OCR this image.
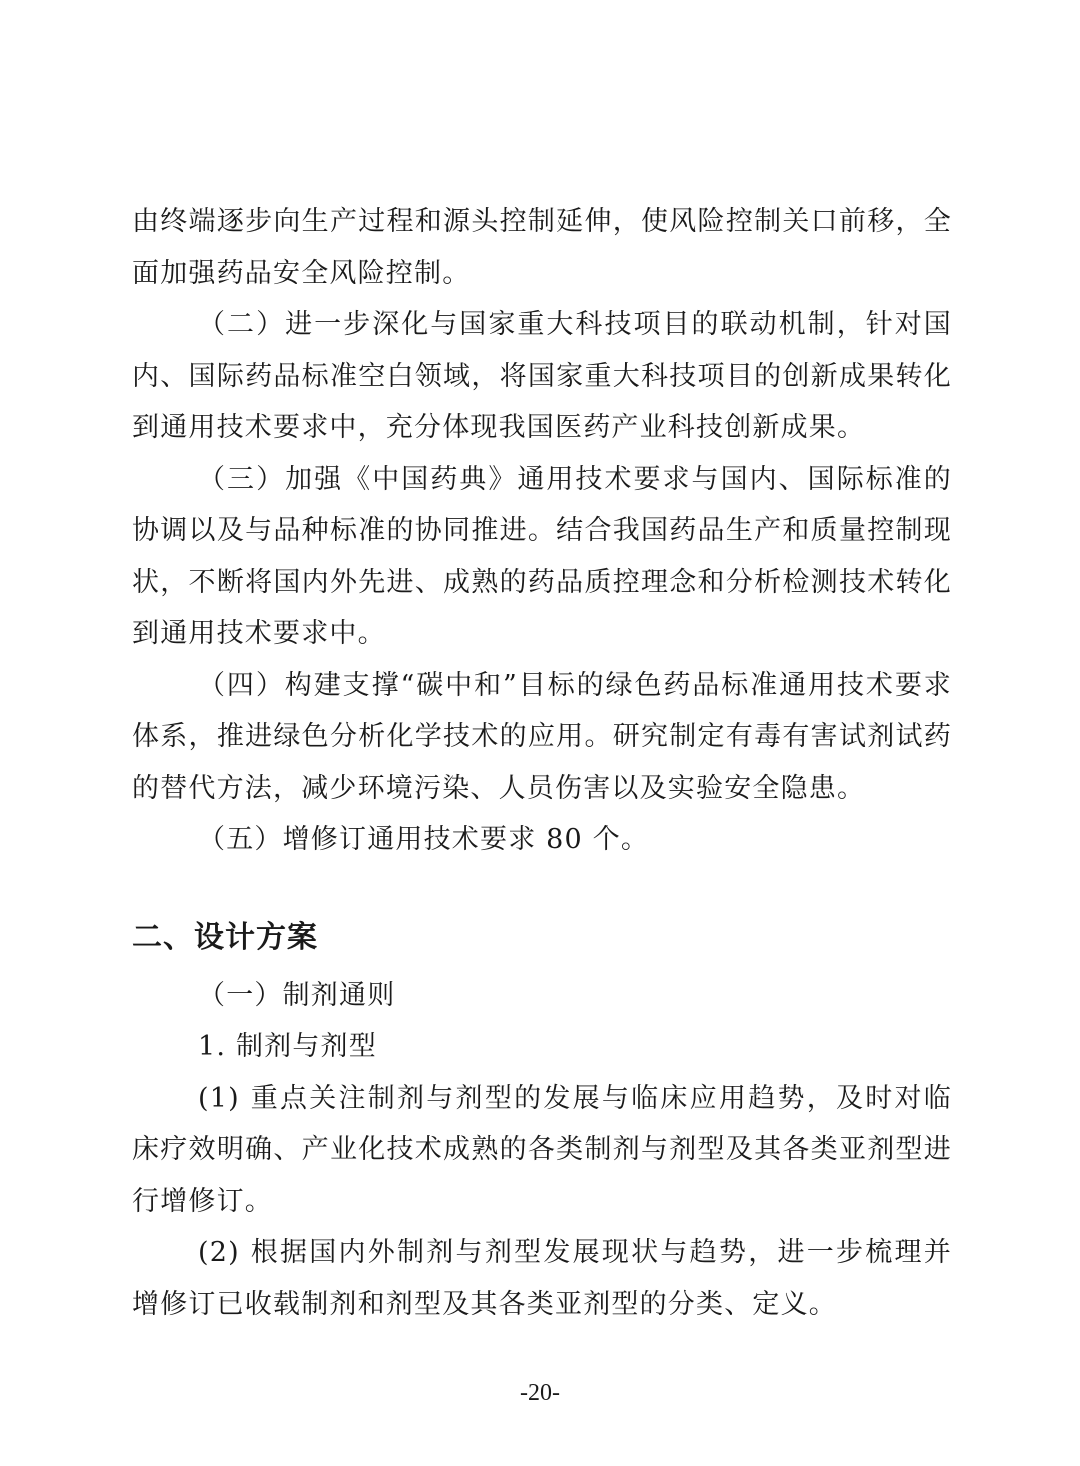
由终端逐步向生产过程和源头控制延伸，使风险控制关口前移，全面加强药品安全风险控制。

（二）进一步深化与国家重大科技项目的联动机制，针对国内、国际药品标准空白领域，将国家重大科技项目的创新成果转化到通用技术要求中，充分体现我国医药产业科技创新成果。

（三）加强《中国药典》通用技术要求与国内、国际标准的协调以及与品种标准的协同推进。结合我国药品生产和质量控制现状，不断将国内外先进、成熟的药品质控理念和分析检测技术转化到通用技术要求中。

（四）构建支撑“碳中和”目标的绿色药品标准通用技术要求体系，推进绿色分析化学技术的应用。研究制定有毒有害试剂试药的替代方法，减少环境污染、人员伤害以及实验安全隐患。

（五）增修订通用技术要求 80 个。

二、设计方案

（一）制剂通则

1. 制剂与剂型

(1) 重点关注制剂与剂型的发展与临床应用趋势，及时对临床疗效明确、产业化技术成熟的各类制剂与剂型及其各类亚剂型进行增修订。

(2) 根据国内外制剂与剂型发展现状与趋势，进一步梳理并增修订已收载制剂和剂型及其各类亚剂型的分类、定义。

-20-
